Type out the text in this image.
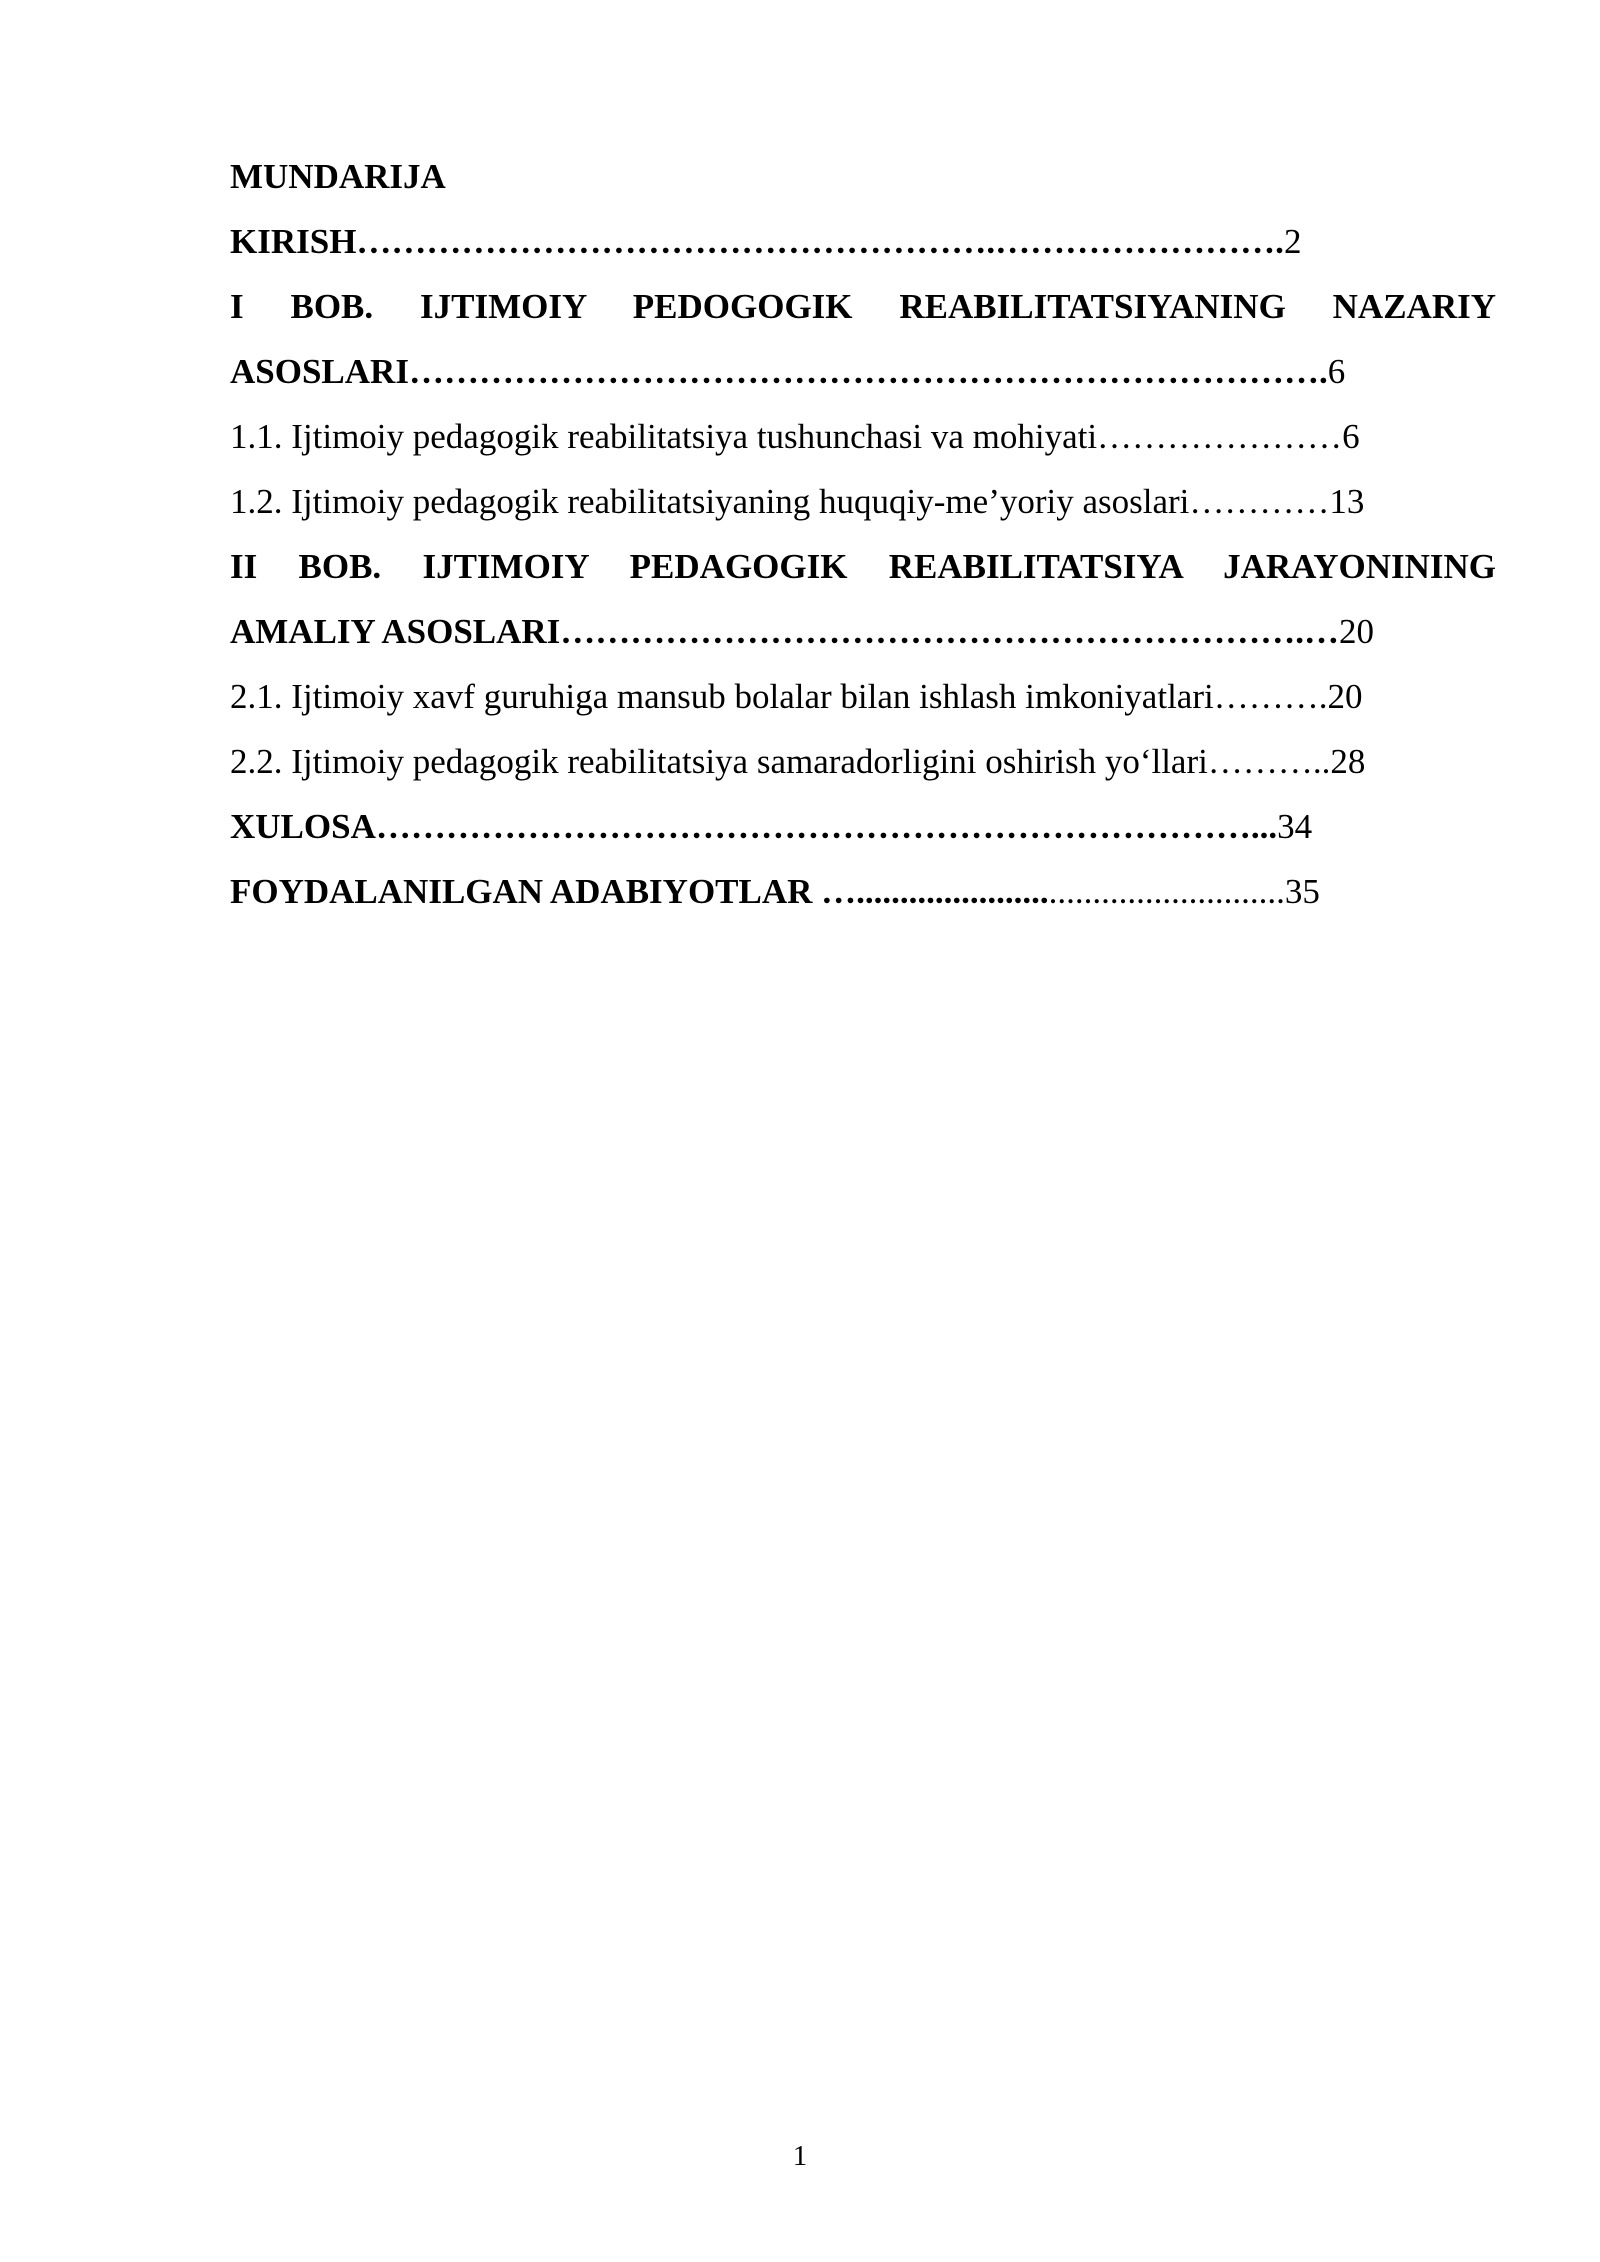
MUNDARIJA
KIRISH……………………………………………….…………………….2
I BOB. IJTIMOIY PEDOGOGIK REABILITATSIYANING NAZARIY
ASOSLARI…………………………………………………………………….6
1.1. Ijtimoiy pedagogik reabilitatsiya tushunchasi va mohiyati…………………6
1.2. Ijtimoiy pedagogik reabilitatsiyaning huquqiy-me’yoriy asoslari…………13
II BOB. IJTIMOIY PEDAGOGIK REABILITATSIYA JARAYONINING
AMALIY ASOSLARI……………………………………………………….…20
2.1. Ijtimoiy xavf guruhiga mansub bolalar bilan ishlash imkoniyatlari……….20
2.2. Ijtimoiy pedagogik reabilitatsiya samaradorligini oshirish yo‘llari………..28
XULOSA…………………………………………………………………...34
FOYDALANILGAN ADABIYOTLAR ….................................................35
1
